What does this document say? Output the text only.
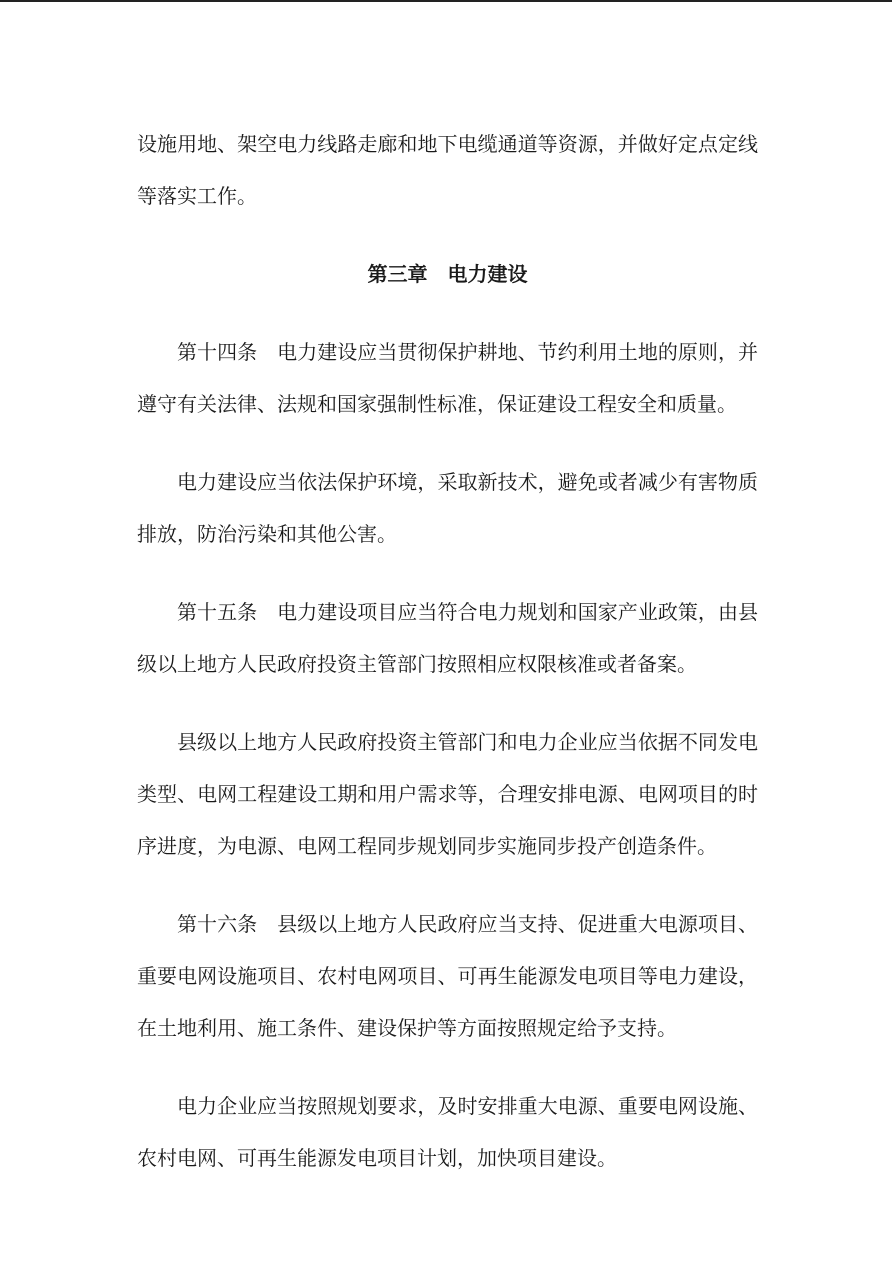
设施用地、架空电力线路走廊和地下电缆通道等资源，并做好定点定线等落实工作。

第三章 电力建设

第十四条 电力建设应当贯彻保护耕地、节约利用土地的原则，并遵守有关法律、法规和国家强制性标准，保证建设工程安全和质量。

电力建设应当依法保护环境，采取新技术，避免或者减少有害物质排放，防治污染和其他公害。

第十五条 电力建设项目应当符合电力规划和国家产业政策，由县级以上地方人民政府投资主管部门按照相应权限核准或者备案。

县级以上地方人民政府投资主管部门和电力企业应当依据不同发电类型、电网工程建设工期和用户需求等，合理安排电源、电网项目的时序进度，为电源、电网工程同步规划同步实施同步投产创造条件。

第十六条 县级以上地方人民政府应当支持、促进重大电源项目、重要电网设施项目、农村电网项目、可再生能源发电项目等电力建设，在土地利用、施工条件、建设保护等方面按照规定给予支持。

电力企业应当按照规划要求，及时安排重大电源、重要电网设施、农村电网、可再生能源发电项目计划，加快项目建设。
